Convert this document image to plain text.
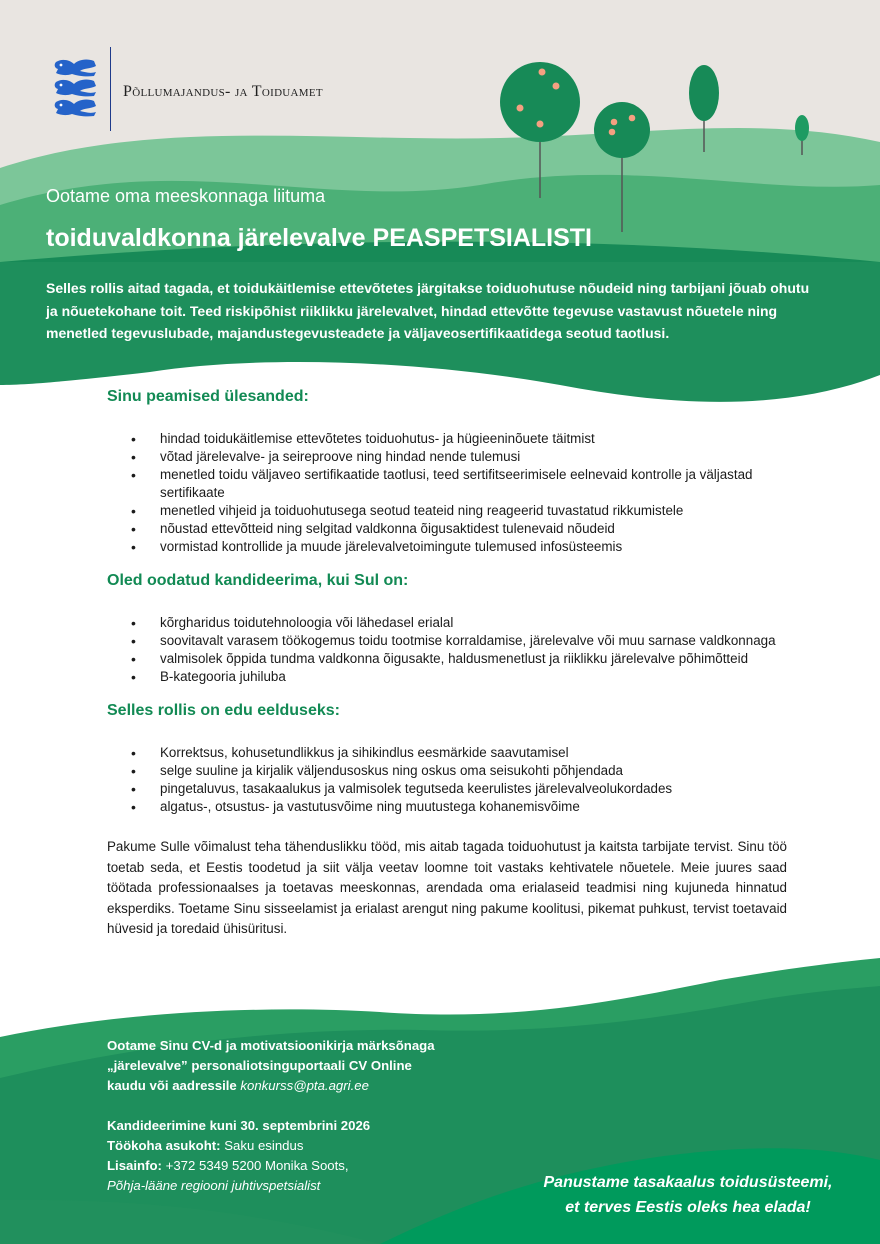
Põllumajandus- ja Toiduamet
Ootame oma meeskonnaga liituma
toiduvaldkonna järelevalve PEASPETSIALISTI

Selles rollis aitad tagada, et toidukäitlemise ettevõtetes järgitakse toiduohutuse nõudeid ning tarbijani jõuab ohutu ja nõuetekohane toit. Teed riskipõhist riiklikku järelevalvet, hindad ettevõtte tegevuse vastavust nõuetele ning menetled tegevuslubade, majandustegevusteadete ja väljaveosertifikaatidega seotud taotlusi.

Sinu peamised ülesanded:
• hindad toidukäitlemise ettevõtetes toiduohutus- ja hügieeninõuete täitmist
• võtad järelevalve- ja seireproove ning hindad nende tulemusi
• menetled toidu väljaveo sertifikaatide taotlusi, teed sertifitseerimisele eelnevaid kontrolle ja väljastad sertifikaate
• menetled vihjeid ja toiduohutusega seotud teateid ning reageerid tuvastatud rikkumistele
• nõustad ettevõtteid ning selgitad valdkonna õigusaktidest tulenevaid nõudeid
• vormistad kontrollide ja muude järelevalvetoimingute tulemused infosüsteemis
Oled oodatud kandideerima, kui Sul on:
• kõrgharidus toidutehnoloogia või lähedasel erialal
• soovitavalt varasem töökogemus toidu tootmise korraldamise, järelevalve või muu sarnase valdkonnaga
• valmisolek õppida tundma valdkonna õigusakte, haldusmenetlust ja riiklikku järelevalve põhimõtteid
• B-kategooria juhiluba
Selles rollis on edu eelduseks:
• Korrektsus, kohusetundlikkus ja sihikindlus eesmärkide saavutamisel
• selge suuline ja kirjalik väljendusoskus ning oskus oma seisukohti põhjendada
• pingetaluvus, tasakaalukus ja valmisolek tegutseda keerulistes järelevalveolukordades
• algatus-, otsustus- ja vastutusvõime ning muutustega kohanemisvõime

Pakume Sulle võimalust teha tähenduslikku tööd, mis aitab tagada toiduohutust ja kaitsta tarbijate tervist. Sinu töö toetab seda, et Eestis toodetud ja siit välja veetav loomne toit vastaks kehtivatele nõuetele. Meie juures saad töötada professionaalses ja toetavas meeskonnas, arendada oma erialaseid teadmisi ning kujuneda hinnatud eksperdiks. Toetame Sinu sisseelamist ja erialast arengut ning pakume koolitusi, pikemat puhkust, tervist toetavaid hüvesid ja toredaid ühisüritusi.

Ootame Sinu CV-d ja motivatsioonikirja märksõnaga

„järelevalve” personaliotsinguportaali CV Online

kaudu või aadressile konkurss@pta.agri.ee

Kandideerimine kuni 30. septembrini 2026

Töökoha asukoht: Saku esindus

Lisainfo: +372 5349 5200 Monika Soots,

Põhja-lääne regiooni juhtivspetsialist	Panustame tasakaalus toidusüsteemi,
et terves Eestis oleks hea elada!
